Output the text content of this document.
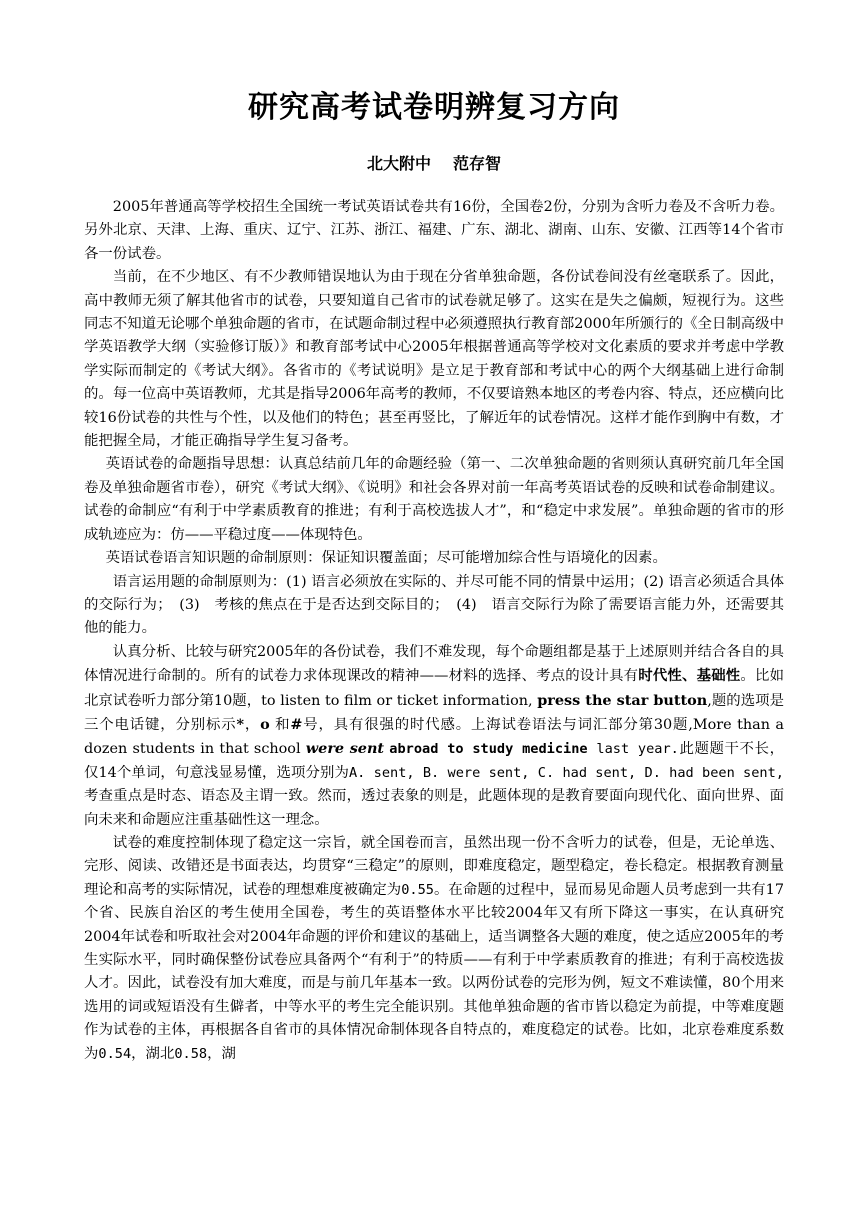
研究高考试卷明辨复习方向
北大附中 范存智

2005年普通高等学校招生全国统一考试英语试卷共有16份，全国卷2份，分别为含听力卷及不含听力卷。另外北京、天津、上海、重庆、辽宁、江苏、浙江、福建、广东、湖北、湖南、山东、安徽、江西等14个省市各一份试卷。

当前，在不少地区、有不少教师错误地认为由于现在分省单独命题，各份试卷间没有丝毫联系了。因此，高中教师无须了解其他省市的试卷，只要知道自己省市的试卷就足够了。这实在是失之偏颇，短视行为。这些同志不知道无论哪个单独命题的省市，在试题命制过程中必须遵照执行教育部2000年所颁行的《全日制高级中学英语教学大纲（实验修订版）》和教育部考试中心2005年根据普通高等学校对文化素质的要求并考虑中学教学实际而制定的《考试大纲》。各省市的《考试说明》是立足于教育部和考试中心的两个大纲基础上进行命制的。每一位高中英语教师，尤其是指导2006年高考的教师，不仅要谙熟本地区的考卷内容、特点，还应横向比较16份试卷的共性与个性，以及他们的特色；甚至再竖比，了解近年的试卷情况。这样才能作到胸中有数，才能把握全局，才能正确指导学生复习备考。

英语试卷的命题指导思想：认真总结前几年的命题经验（第一、二次单独命题的省则须认真研究前几年全国卷及单独命题省市卷），研究《考试大纲》、《说明》和社会各界对前一年高考英语试卷的反映和试卷命制建议。试卷的命制应“有利于中学素质教育的推进；有利于高校选拔人才”，和“稳定中求发展”。单独命题的省市的形成轨迹应为：仿——平稳过度——体现特色。

英语试卷语言知识题的命制原则：保证知识覆盖面；尽可能增加综合性与语境化的因素。

语言运用题的命制原则为：(1) 语言必须放在实际的、并尽可能不同的情景中运用；(2) 语言必须适合具体的交际行为；　(3)　考核的焦点在于是否达到交际目的；　(4)　语言交际行为除了需要语言能力外，还需要其他的能力。

认真分析、比较与研究2005年的各份试卷，我们不难发现，每个命题组都是基于上述原则并结合各自的具体情况进行命制的。所有的试卷力求体现课改的精神——材料的选择、考点的设计具有时代性、基础性。比如北京试卷听力部分第10题，to listen to film or ticket information, press the star button,题的选项是三个电话键，分别标示*，o 和#号，具有很强的时代感。上海试卷语法与词汇部分第30题,More than a dozen students in that school were sent abroad to study medicine last year.此题题干不长，仅14个单词，句意浅显易懂，选项分别为A. sent, B. were sent, C. had sent, D. had been sent,考查重点是时态、语态及主谓一致。然而，透过表象的则是，此题体现的是教育要面向现代化、面向世界、面向未来和命题应注重基础性这一理念。

试卷的难度控制体现了稳定这一宗旨，就全国卷而言，虽然出现一份不含听力的试卷，但是，无论单选、完形、阅读、改错还是书面表达，均贯穿“三稳定”的原则，即难度稳定，题型稳定，卷长稳定。根据教育测量理论和高考的实际情况，试卷的理想难度被确定为0.55。在命题的过程中，显而易见命题人员考虑到一共有17个省、民族自治区的考生使用全国卷，考生的英语整体水平比较2004年又有所下降这一事实，在认真研究2004年试卷和听取社会对2004年命题的评价和建议的基础上，适当调整各大题的难度，使之适应2005年的考生实际水平，同时确保整份试卷应具备两个“有利于”的特质——有利于中学素质教育的推进；有利于高校选拔人才。因此，试卷没有加大难度，而是与前几年基本一致。以两份试卷的完形为例，短文不难读懂，80个用来选用的词或短语没有生僻者，中等水平的考生完全能识别。其他单独命题的省市皆以稳定为前提，中等难度题作为试卷的主体，再根据各自省市的具体情况命制体现各自特点的，难度稳定的试卷。比如，北京卷难度系数为0.54，湖北0.58，湖
